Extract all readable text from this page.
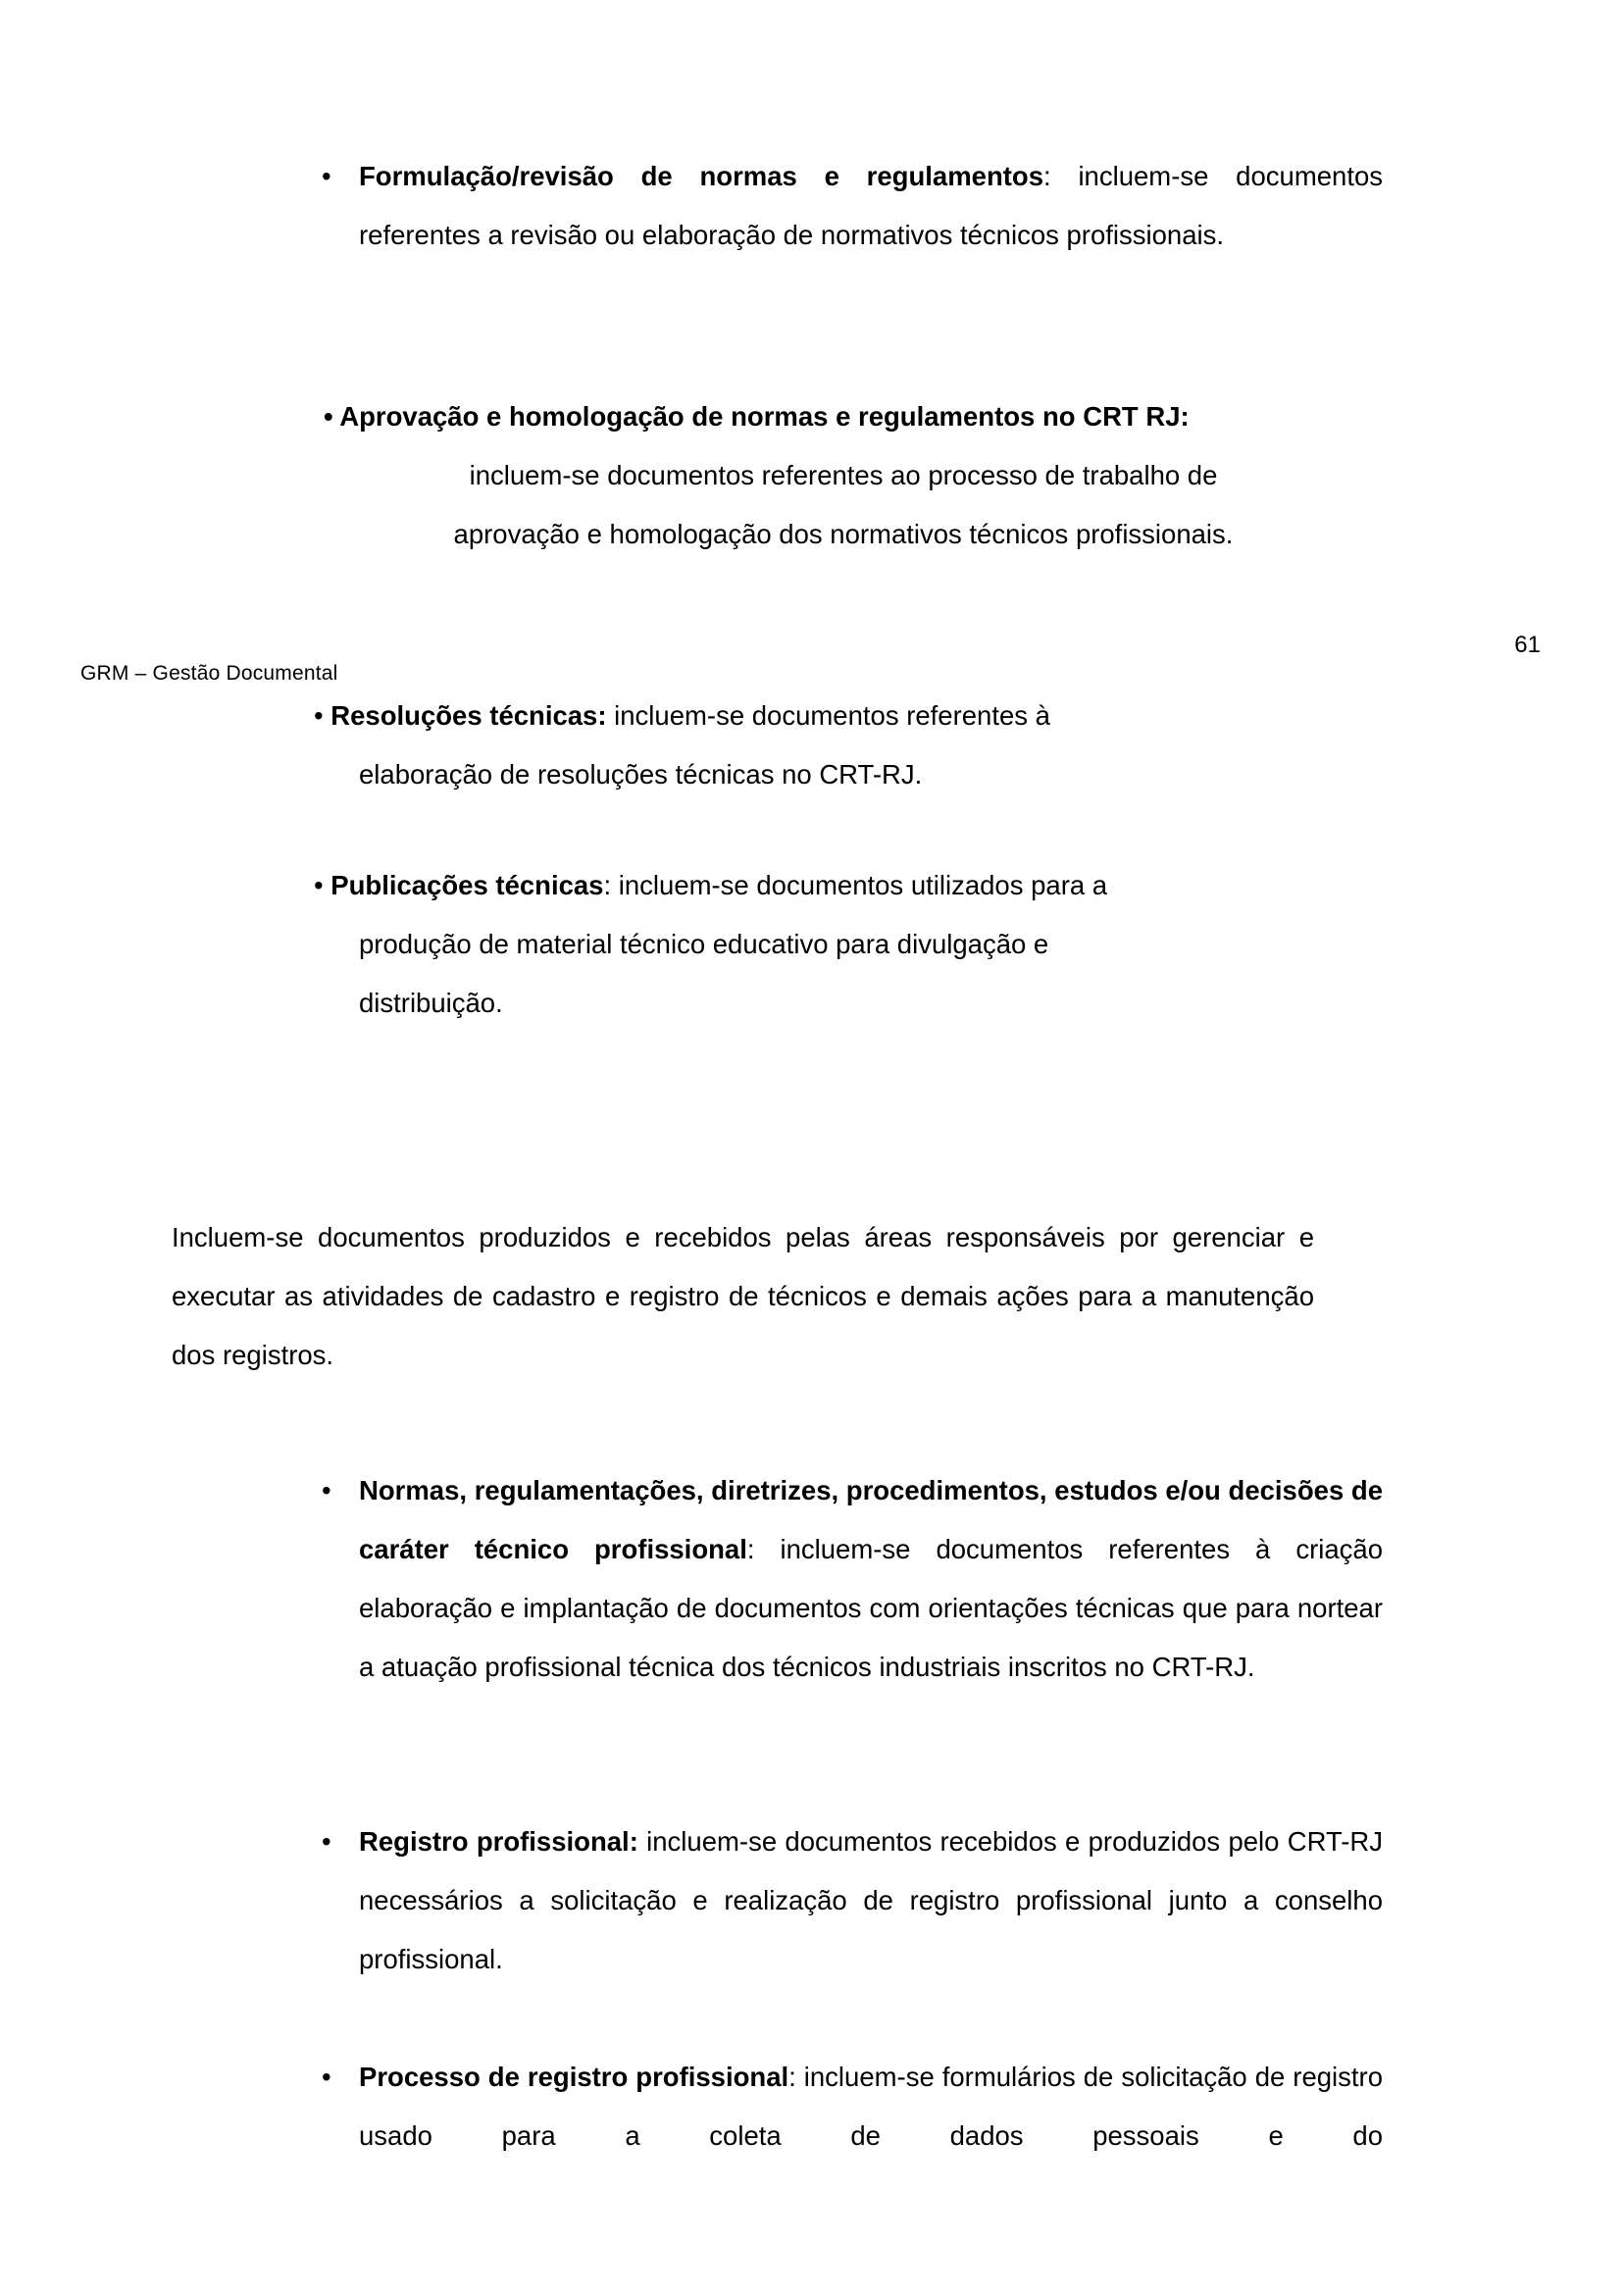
• Formulação/revisão de normas e regulamentos: incluem-se documentos referentes a revisão ou elaboração de normativos técnicos profissionais.
• Aprovação e homologação de normas e regulamentos no CRT RJ:
incluem-se documentos referentes ao processo de trabalho de
aprovação e homologação dos normativos técnicos profissionais.
GRM – Gestão Documental
61
• Resoluções técnicas: incluem-se documentos referentes à
elaboração de resoluções técnicas no CRT-RJ.
• Publicações técnicas: incluem-se documentos utilizados para a
produção de material técnico educativo para divulgação e
distribuição.
Incluem-se documentos produzidos e recebidos pelas áreas responsáveis por gerenciar e executar as atividades de cadastro e registro de técnicos e demais ações para a manutenção dos registros.
• Normas, regulamentações, diretrizes, procedimentos, estudos e/ou decisões de caráter técnico profissional: incluem-se documentos referentes à criação elaboração e implantação de documentos com orientações técnicas que para nortear a atuação profissional técnica dos técnicos industriais inscritos no CRT-RJ.
• Registro profissional: incluem-se documentos recebidos e produzidos pelo CRT-RJ necessários a solicitação e realização de registro profissional junto a conselho profissional.
• Processo de registro profissional: incluem-se formulários de solicitação de registro usado para a coleta de dados pessoais e do
